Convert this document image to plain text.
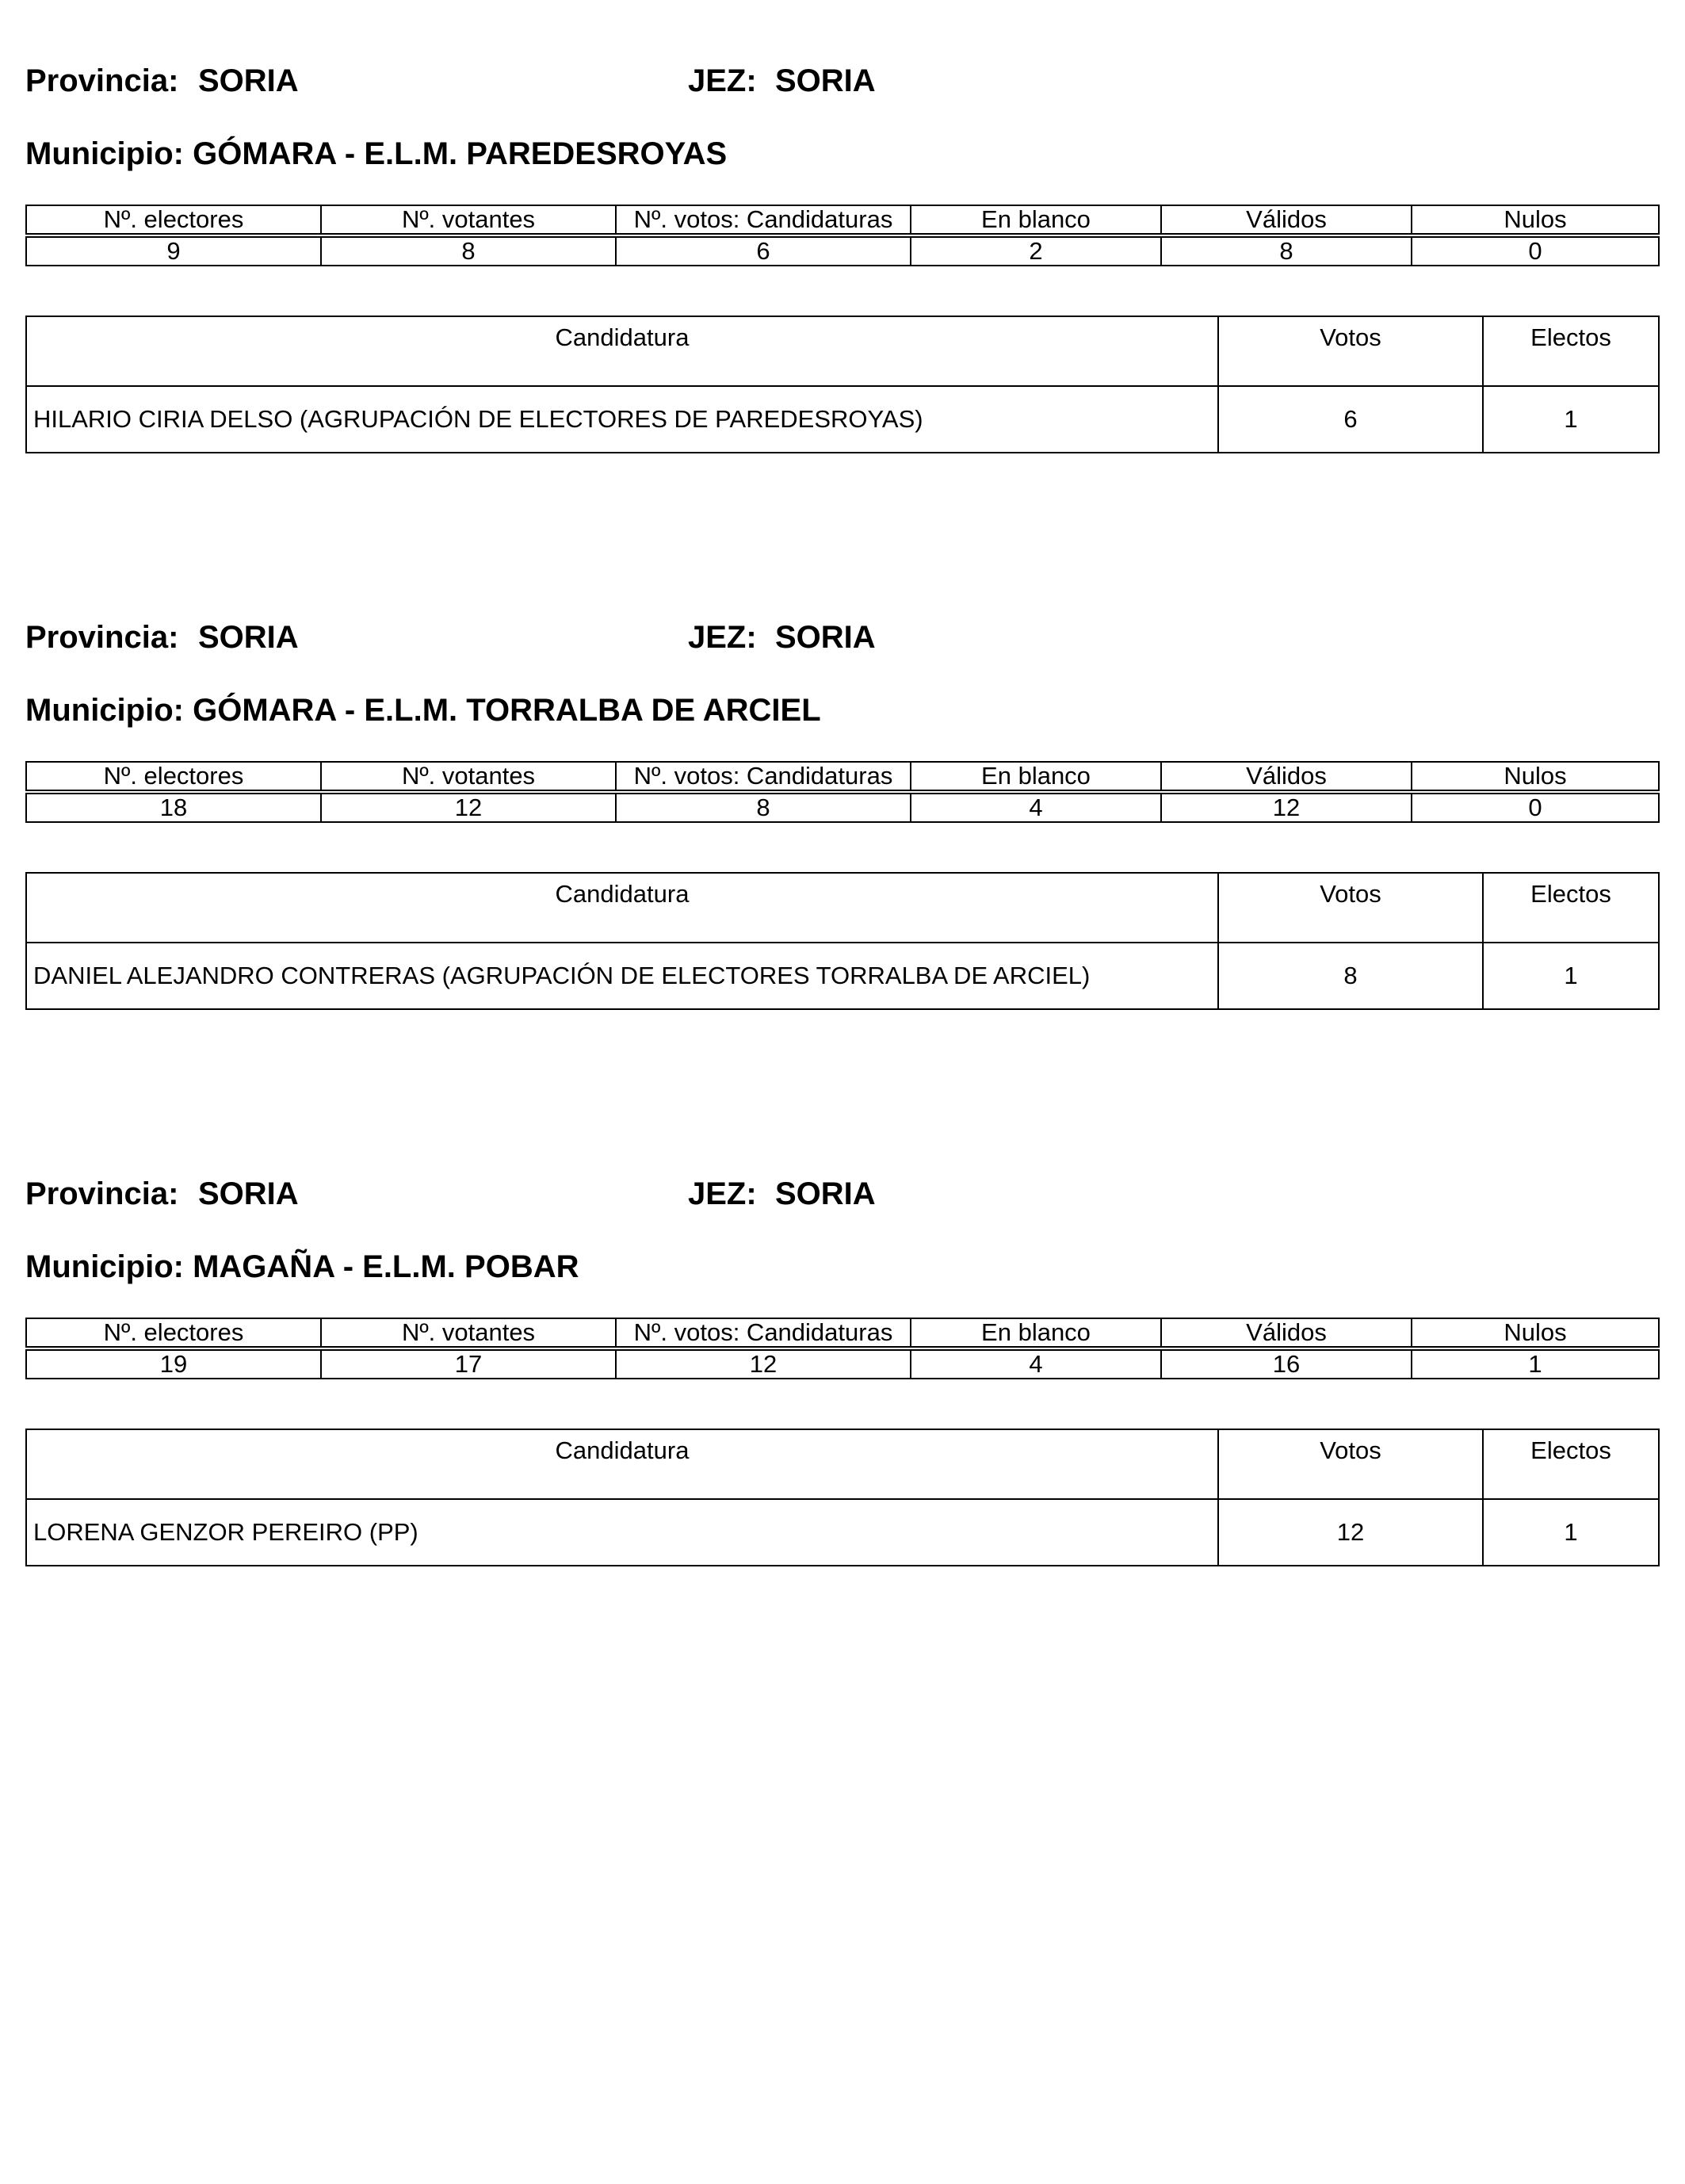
Provincia: SORIA	JEZ: SORIA
Municipio: GÓMARA - E.L.M. PAREDESROYAS
Nº. electores	Nº. votantes	Nº. votos: Candidaturas	En blanco	Válidos	Nulos

9	8	6	2	8	0
Candidatura	Votos	Electos
HILARIO CIRIA DELSO (AGRUPACIÓN DE ELECTORES DE PAREDESROYAS)	6	1
Provincia: SORIA	JEZ: SORIA
Municipio: GÓMARA - E.L.M. TORRALBA DE ARCIEL
Nº. electores	Nº. votantes	Nº. votos: Candidaturas	En blanco	Válidos	Nulos

18	12	8	4	12	0
Candidatura	Votos	Electos
DANIEL ALEJANDRO CONTRERAS (AGRUPACIÓN DE ELECTORES TORRALBA DE ARCIEL)	8	1
Provincia: SORIA	JEZ: SORIA
Municipio: MAGAÑA - E.L.M. POBAR
Nº. electores	Nº. votantes	Nº. votos: Candidaturas	En blanco	Válidos	Nulos

19	17	12	4	16	1
Candidatura	Votos	Electos
LORENA GENZOR PEREIRO (PP)	12	1
